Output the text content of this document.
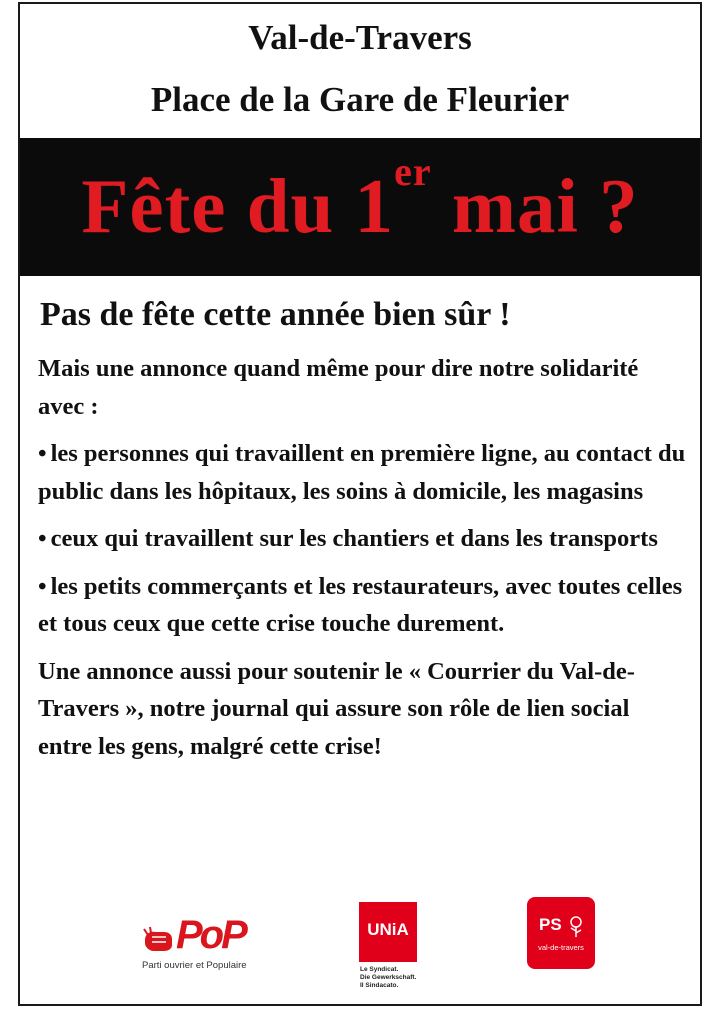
Val-de-Travers
Place de la Gare de Fleurier
Fête du 1er mai ?
Pas de fête cette année bien sûr !
Mais une annonce quand même pour dire notre solidarité avec :
• les personnes qui travaillent en première ligne, au contact du public dans les hôpitaux, les soins à domicile, les magasins
• ceux qui travaillent sur les chantiers et dans les transports
• les petits commerçants et les restaurateurs, avec toutes celles et tous ceux que cette crise touche durement.
Une annonce aussi pour soutenir le « Courrier du Val-de-Travers », notre journal qui assure son rôle de lien social entre les gens, malgré cette crise!
PoP
Parti ouvrier et Populaire
UNiA
Le Syndicat.
Die Gewerkschaft.
Il Sindacato.
PS
val-de-travers
